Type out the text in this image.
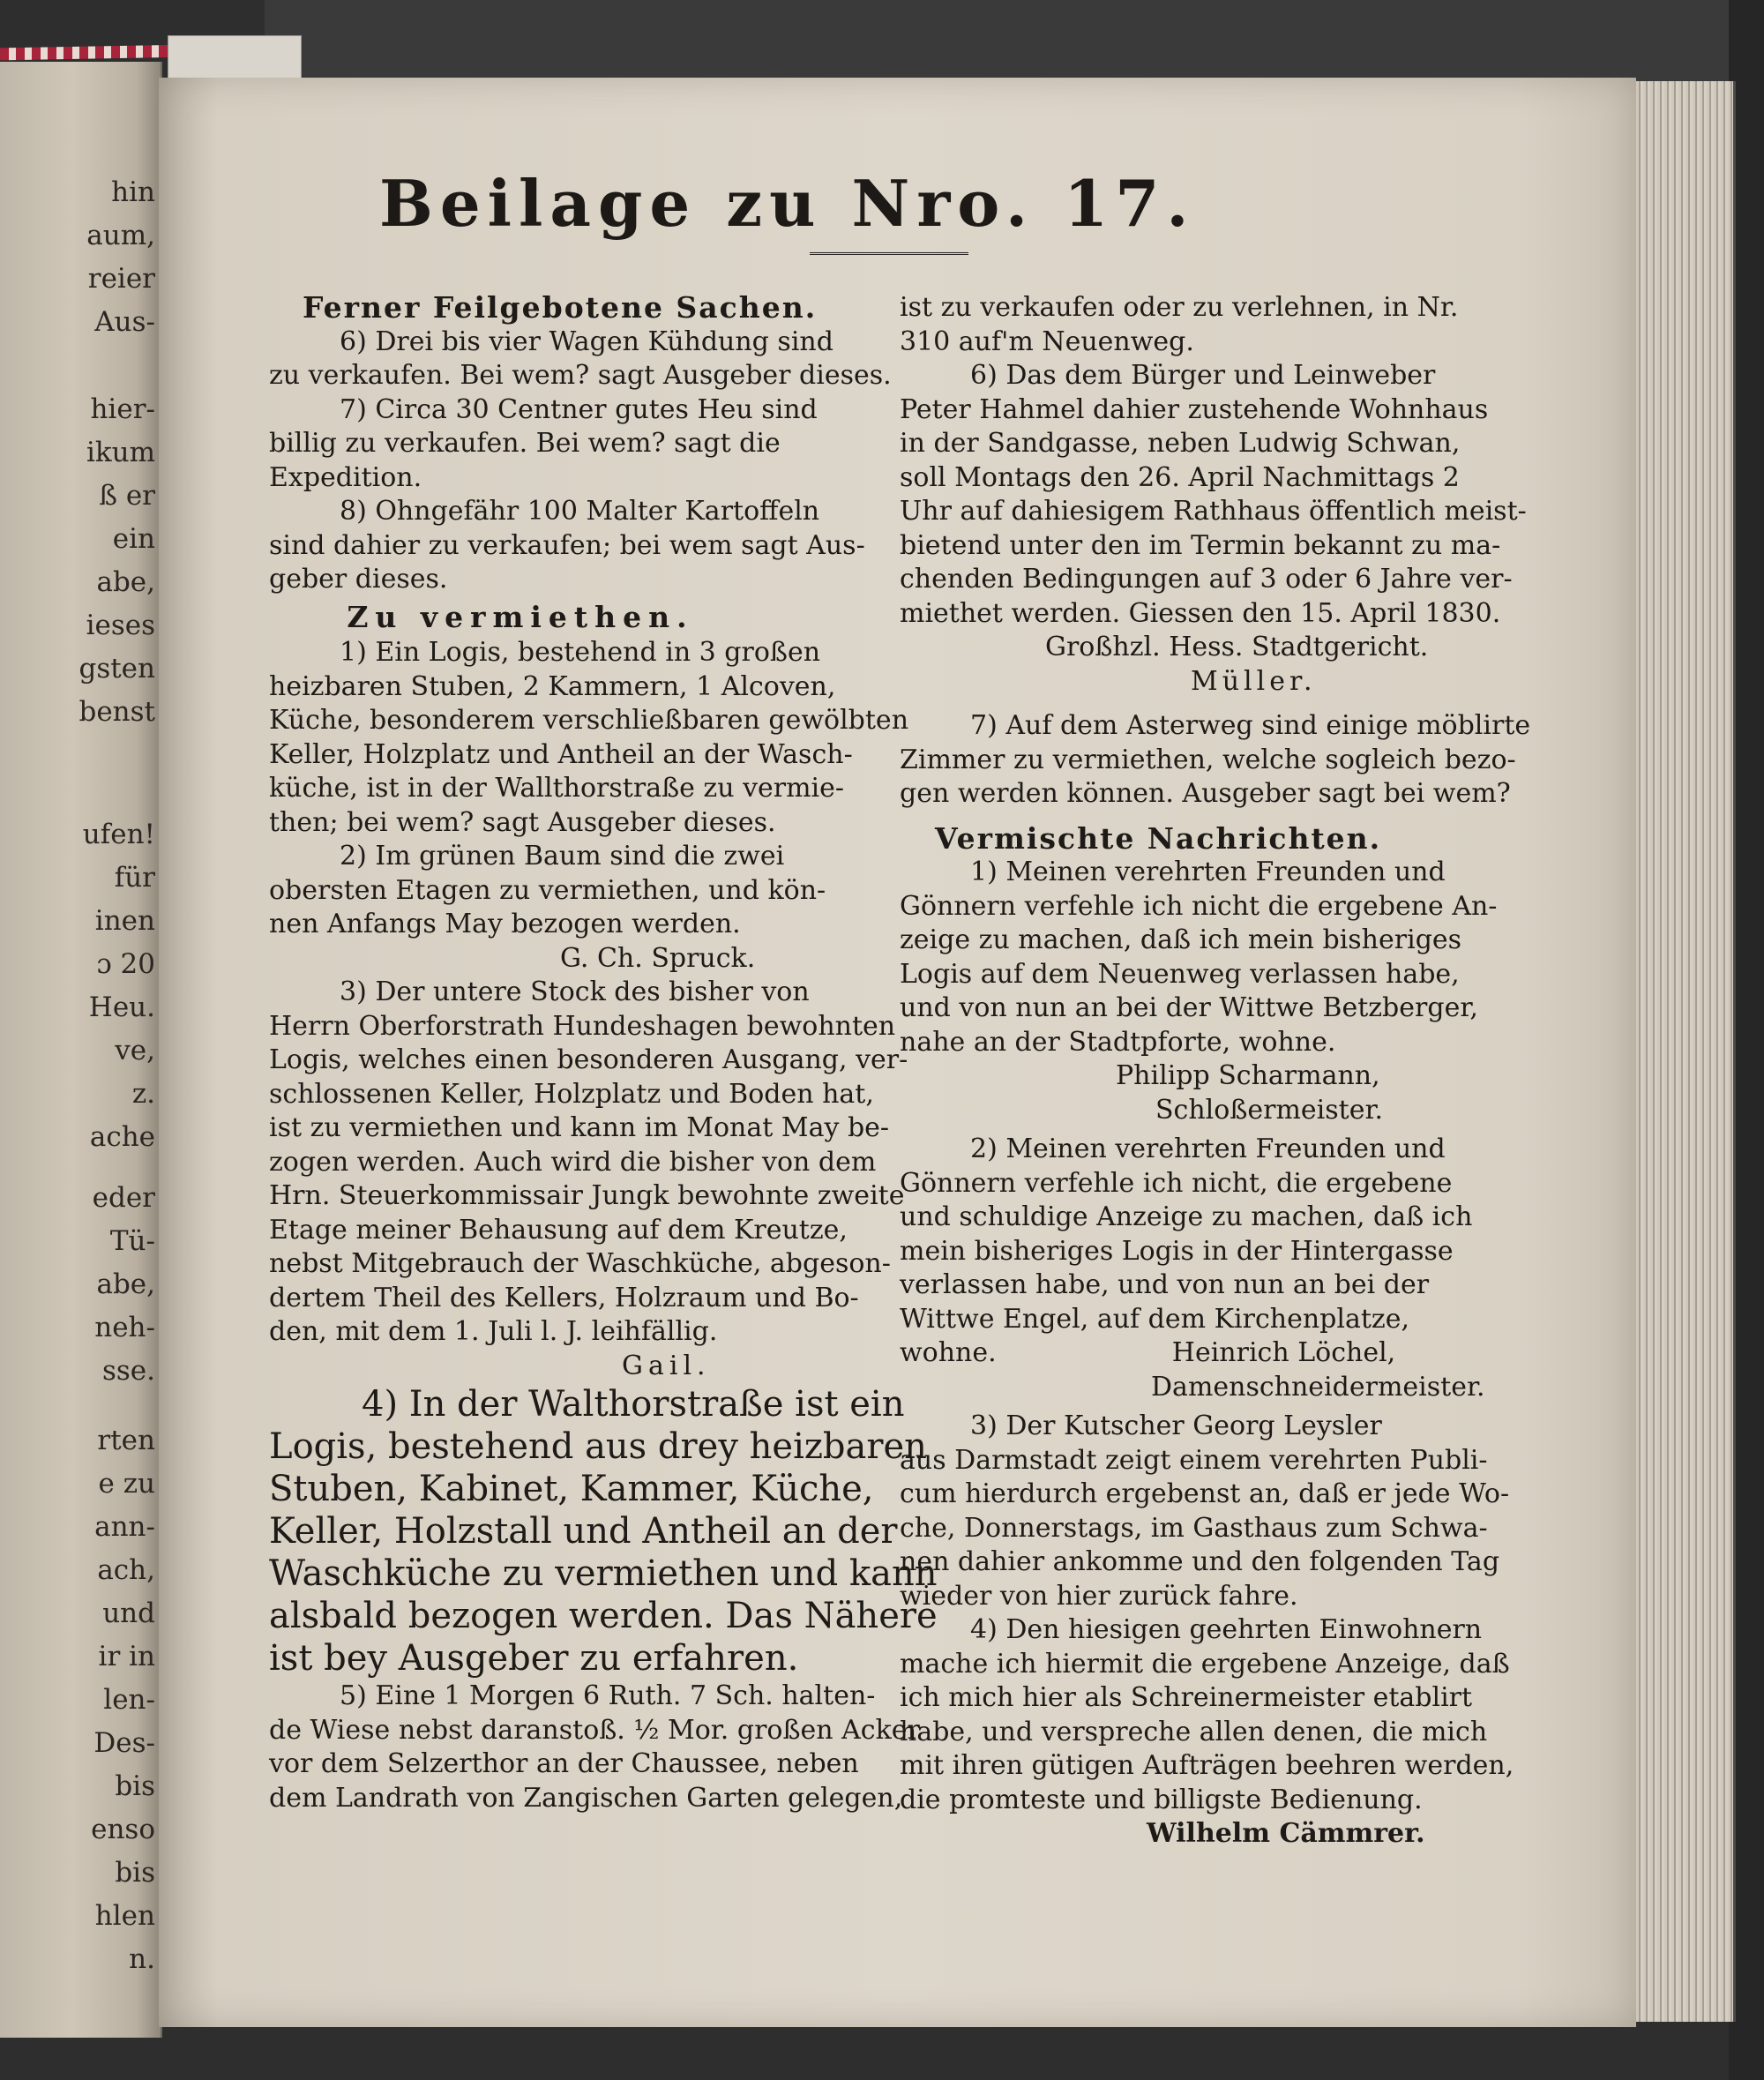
hin
aum,
reier
Aus-
hier-
ikum
ß er
ein
abe,
ieses
gsten
benst
ufen!
für
inen
ɔ 20
Heu.
ve,
z.
ache
eder
Tü-
abe,
neh-
sse.
rten
e zu
ann-
ach,
und
ir in
len-
Des-
bis
enso
bis
hlen
n.
Beilage zu Nro. 17.

Ferner Feilgebotene Sachen.

6) Drei bis vier Wagen Kühdung sind

zu verkaufen. Bei wem? sagt Ausgeber dieses.

7) Circa 30 Centner gutes Heu sind

billig zu verkaufen. Bei wem? sagt die

Expedition.

8) Ohngefähr 100 Malter Kartoffeln

sind dahier zu verkaufen; bei wem sagt Aus-

geber dieses.

Zu vermiethen.

1) Ein Logis, bestehend in 3 großen

heizbaren Stuben, 2 Kammern, 1 Alcoven,

Küche, besonderem verschließbaren gewölbten

Keller, Holzplatz und Antheil an der Wasch-

küche, ist in der Wallthorstraße zu vermie-

then; bei wem? sagt Ausgeber dieses.

2) Im grünen Baum sind die zwei

obersten Etagen zu vermiethen, und kön-

nen Anfangs May bezogen werden.

G. Ch. Spruck.

3) Der untere Stock des bisher von

Herrn Oberforstrath Hundeshagen bewohnten

Logis, welches einen besonderen Ausgang, ver-

schlossenen Keller, Holzplatz und Boden hat,

ist zu vermiethen und kann im Monat May be-

zogen werden. Auch wird die bisher von dem

Hrn. Steuerkommissair Jungk bewohnte zweite

Etage meiner Behausung auf dem Kreutze,

nebst Mitgebrauch der Waschküche, abgeson-

dertem Theil des Kellers, Holzraum und Bo-

den, mit dem 1. Juli l. J. leihfällig.

Gail.

4) In der Walthorstraße ist ein

Logis, bestehend aus drey heizbaren

Stuben, Kabinet, Kammer, Küche,

Keller, Holzstall und Antheil an der

Waschküche zu vermiethen und kann

alsbald bezogen werden. Das Nähere

ist bey Ausgeber zu erfahren.

5) Eine 1 Morgen 6 Ruth. 7 Sch. halten-

de Wiese nebst daranstoß. ½ Mor. großen Acker

vor dem Selzerthor an der Chaussee, neben

dem Landrath von Zangischen Garten gelegen,

ist zu verkaufen oder zu verlehnen, in Nr.

310 auf'm Neuenweg.

6) Das dem Bürger und Leinweber

Peter Hahmel dahier zustehende Wohnhaus

in der Sandgasse, neben Ludwig Schwan,

soll Montags den 26. April Nachmittags 2

Uhr auf dahiesigem Rathhaus öffentlich meist-

bietend unter den im Termin bekannt zu ma-

chenden Bedingungen auf 3 oder 6 Jahre ver-

miethet werden. Giessen den 15. April 1830.

Großhzl. Hess. Stadtgericht.

Müller.

7) Auf dem Asterweg sind einige möblirte

Zimmer zu vermiethen, welche sogleich bezo-

gen werden können. Ausgeber sagt bei wem?

Vermischte Nachrichten.

1) Meinen verehrten Freunden und

Gönnern verfehle ich nicht die ergebene An-

zeige zu machen, daß ich mein bisheriges

Logis auf dem Neuenweg verlassen habe,

und von nun an bei der Wittwe Betzberger,

nahe an der Stadtpforte, wohne.

Philipp Scharmann,

Schloßermeister.

2) Meinen verehrten Freunden und

Gönnern verfehle ich nicht, die ergebene

und schuldige Anzeige zu machen, daß ich

mein bisheriges Logis in der Hintergasse

verlassen habe, und von nun an bei der

Wittwe Engel, auf dem Kirchenplatze,

wohne.	Heinrich Löchel,

Damenschneidermeister.

3) Der Kutscher Georg Leysler

aus Darmstadt zeigt einem verehrten Publi-

cum hierdurch ergebenst an, daß er jede Wo-

che, Donnerstags, im Gasthaus zum Schwa-

nen dahier ankomme und den folgenden Tag

wieder von hier zurück fahre.

4) Den hiesigen geehrten Einwohnern

mache ich hiermit die ergebene Anzeige, daß

ich mich hier als Schreinermeister etablirt

habe, und verspreche allen denen, die mich

mit ihren gütigen Aufträgen beehren werden,

die promteste und billigste Bedienung.

Wilhelm Cämmrer.
